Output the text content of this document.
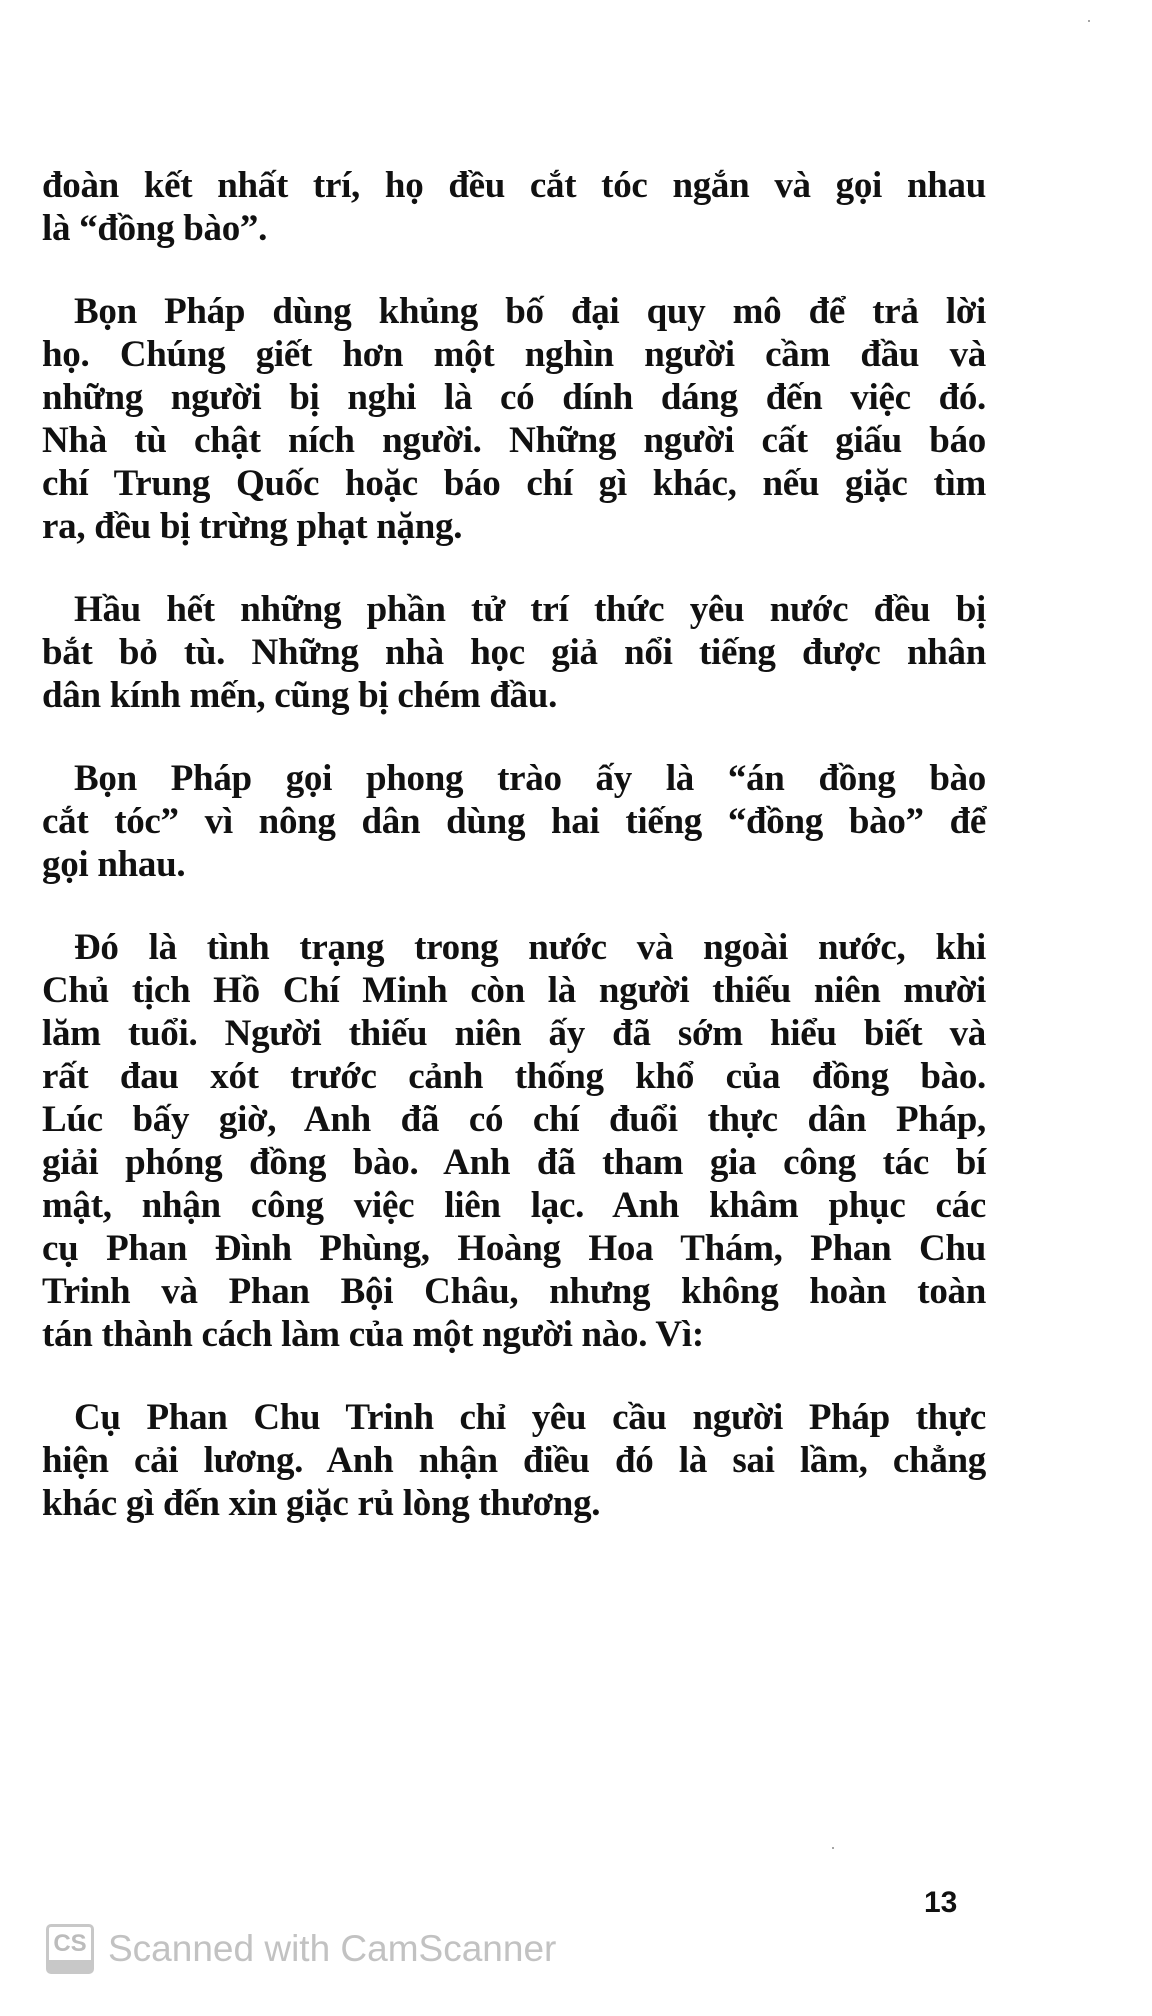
đoàn kết nhất trí, họ đều cắt tóc ngắn và gọi nhau
là “đồng bào”.
Bọn Pháp dùng khủng bố đại quy mô để trả lời
họ. Chúng giết hơn một nghìn người cầm đầu và
những người bị nghi là có dính dáng đến việc đó.
Nhà tù chật ních người. Những người cất giấu báo
chí Trung Quốc hoặc báo chí gì khác, nếu giặc tìm
ra, đều bị trừng phạt nặng.
Hầu hết những phần tử trí thức yêu nước đều bị
bắt bỏ tù. Những nhà học giả nổi tiếng được nhân
dân kính mến, cũng bị chém đầu.
Bọn Pháp gọi phong trào ấy là “án đồng bào
cắt tóc” vì nông dân dùng hai tiếng “đồng bào” để
gọi nhau.
Đó là tình trạng trong nước và ngoài nước, khi
Chủ tịch Hồ Chí Minh còn là người thiếu niên mười
lăm tuổi. Người thiếu niên ấy đã sớm hiểu biết và
rất đau xót trước cảnh thống khổ của đồng bào.
Lúc bấy giờ, Anh đã có chí đuổi thực dân Pháp,
giải phóng đồng bào. Anh đã tham gia công tác bí
mật, nhận công việc liên lạc. Anh khâm phục các
cụ Phan Đình Phùng, Hoàng Hoa Thám, Phan Chu
Trinh và Phan Bội Châu, nhưng không hoàn toàn
tán thành cách làm của một người nào. Vì:
Cụ Phan Chu Trinh chỉ yêu cầu người Pháp thực
hiện cải lương. Anh nhận điều đó là sai lầm, chẳng
khác gì đến xin giặc rủ lòng thương.
13
CS Scanned with CamScanner
